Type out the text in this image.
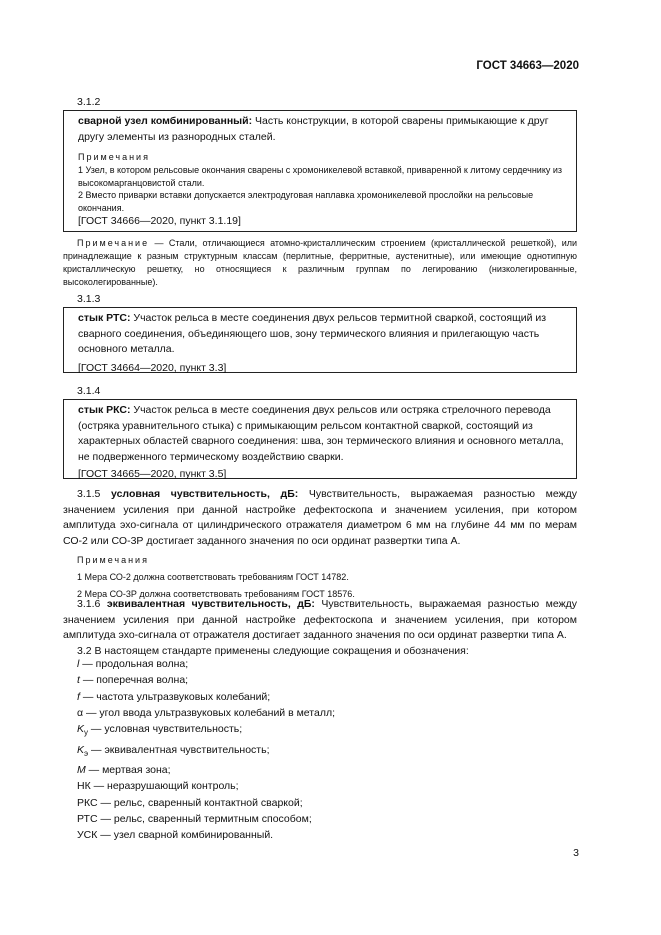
ГОСТ 34663—2020
3.1.2

сварной узел комбинированный: Часть конструкции, в которой сварены примыкающие к друг другу элементы из разнородных сталей.

Примечания

1 Узел, в котором рельсовые окончания сварены с хромоникелевой вставкой, приваренной к литому сердечнику из высокомарганцовистой стали.

2 Вместо приварки вставки допускается электродуговая наплавка хромоникелевой прослойки на рельсовые окончания.

[ГОСТ 34666—2020, пункт 3.1.19]

Примечание — Стали, отличающиеся атомно-кристаллическим строением (кристаллической решеткой), или принадлежащие к разным структурным классам (перлитные, ферритные, аустенитные), или имеющие однотипную кристаллическую решетку, но относящиеся к различным группам по легированию (низколегированные, высоколегированные).

3.1.3

стык РТС: Участок рельса в месте соединения двух рельсов термитной сваркой, состоящий из сварного соединения, объединяющего шов, зону термического влияния и прилегающую часть основного металла.

[ГОСТ 34664—2020, пункт 3.3]

3.1.4

стык РКС: Участок рельса в месте соединения двух рельсов или остряка стрелочного перевода (остряка уравнительного стыка) с примыкающим рельсом контактной сваркой, состоящий из характерных областей сварного соединения: шва, зон термического влияния и основного металла, не подверженного термическому воздействию сварки.

[ГОСТ 34665—2020, пункт 3.5]

3.1.5 условная чувствительность, дБ: Чувствительность, выражаемая разностью между значением усиления при данной настройке дефектоскопа и значением усиления, при котором амплитуда эхо-сигнала от цилиндрического отражателя диаметром 6 мм на глубине 44 мм по мерам СО-2 или СО-3Р достигает заданного значения по оси ординат развертки типа А.

Примечания

1 Мера СО-2 должна соответствовать требованиям ГОСТ 14782.

2 Мера СО-3Р должна соответствовать требованиям ГОСТ 18576.

3.1.6 эквивалентная чувствительность, дБ: Чувствительность, выражаемая разностью между значением усиления при данной настройке дефектоскопа и значением усиления, при котором амплитуда эхо-сигнала от отражателя достигает заданного значения по оси ординат развертки типа А.

3.2 В настоящем стандарте применены следующие сокращения и обозначения:

l — продольная волна;
t — поперечная волна;
f — частота ультразвуковых колебаний;
α — угол ввода ультразвуковых колебаний в металл;
$K_у$ — условная чувствительность;
$K_э$ — эквивалентная чувствительность;
M — мертвая зона;
НК — неразрушающий контроль;
РКС — рельс, сваренный контактной сваркой;
РТС — рельс, сваренный термитным способом;
УСК — узел сварной комбинированный.
3
